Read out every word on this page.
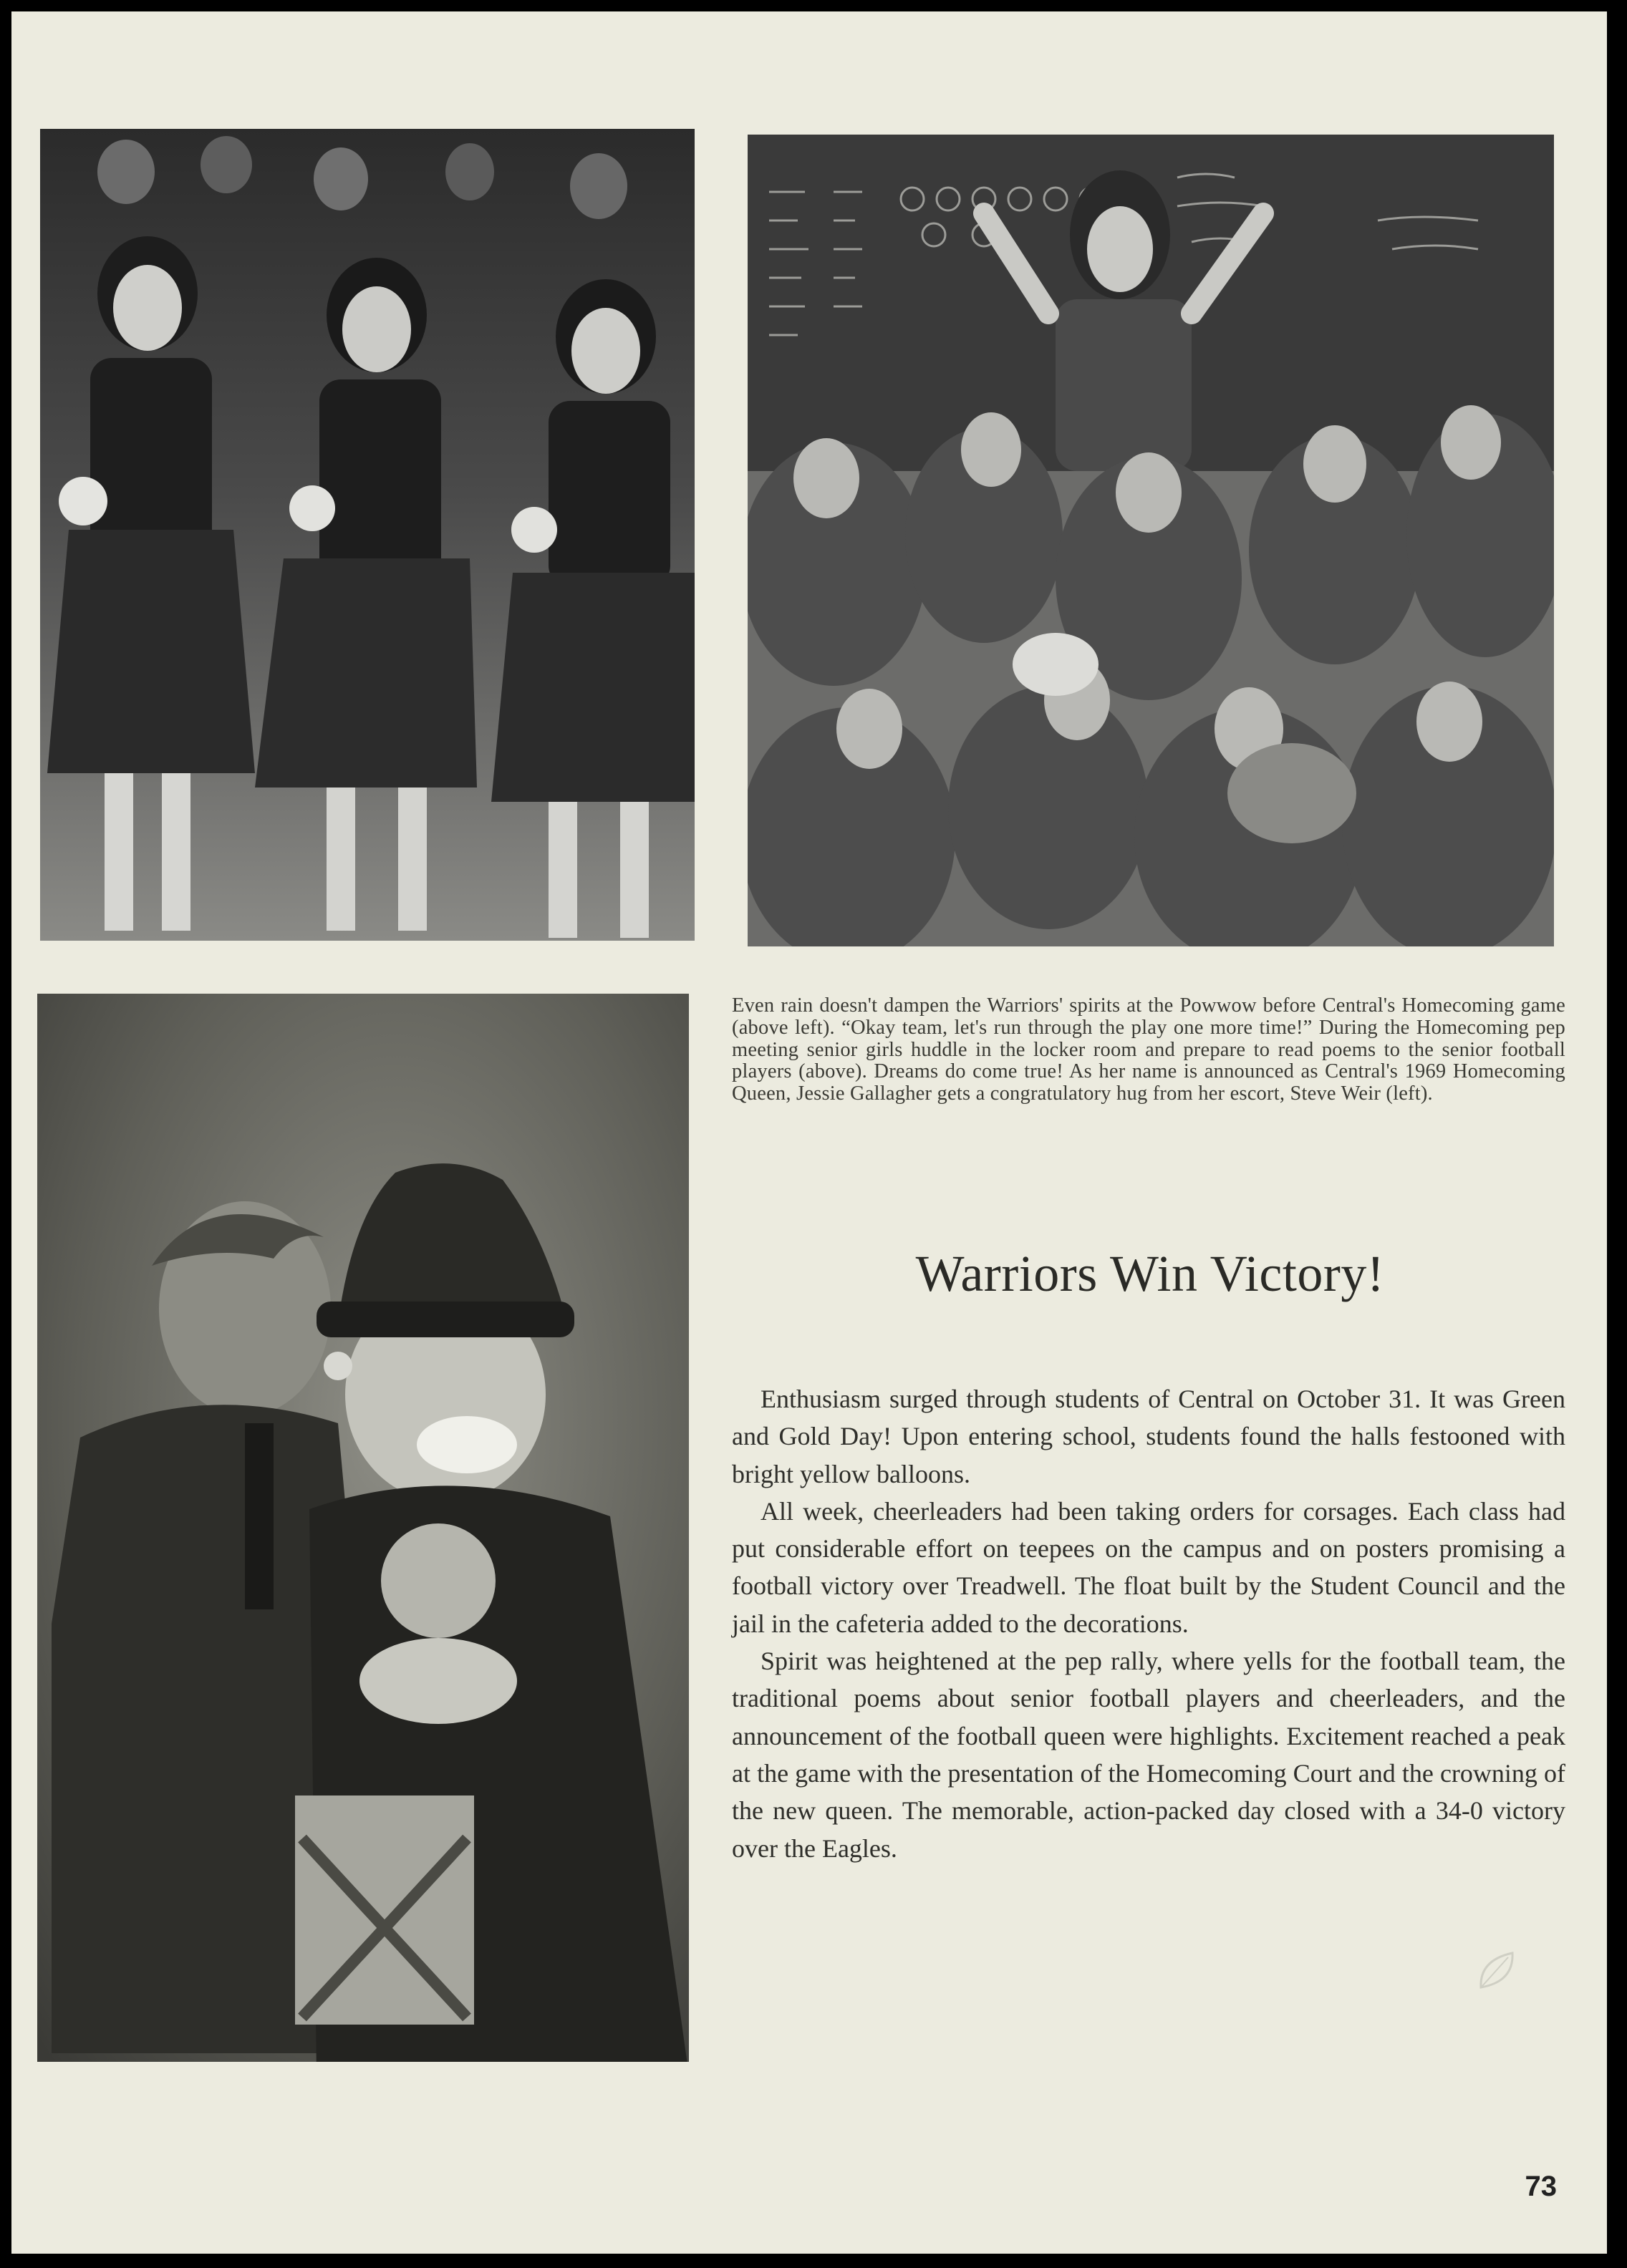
Even rain doesn't dampen the Warriors' spirits at the Powwow before Central's Homecoming game (above left). “Okay team, let's run through the play one more time!” During the Homecoming pep meeting senior girls huddle in the locker room and prepare to read poems to the senior football players (above). Dreams do come true! As her name is announced as Central's 1969 Homecoming Queen, Jessie Gallagher gets a congratulatory hug from her escort, Steve Weir (left).
Warriors Win Victory!

Enthusiasm surged through students of Central on October 31. It was Green and Gold Day! Upon entering school, students found the halls festooned with bright yellow balloons.

All week, cheerleaders had been taking orders for corsages. Each class had put considerable effort on teepees on the campus and on posters promising a football victory over Treadwell. The float built by the Student Council and the jail in the cafeteria added to the decorations.

Spirit was heightened at the pep rally, where yells for the football team, the traditional poems about senior football players and cheerleaders, and the announcement of the football queen were highlights. Excitement reached a peak at the game with the presentation of the Homecoming Court and the crowning of the new queen. The memorable, action-packed day closed with a 34-0 victory over the Eagles.

73
